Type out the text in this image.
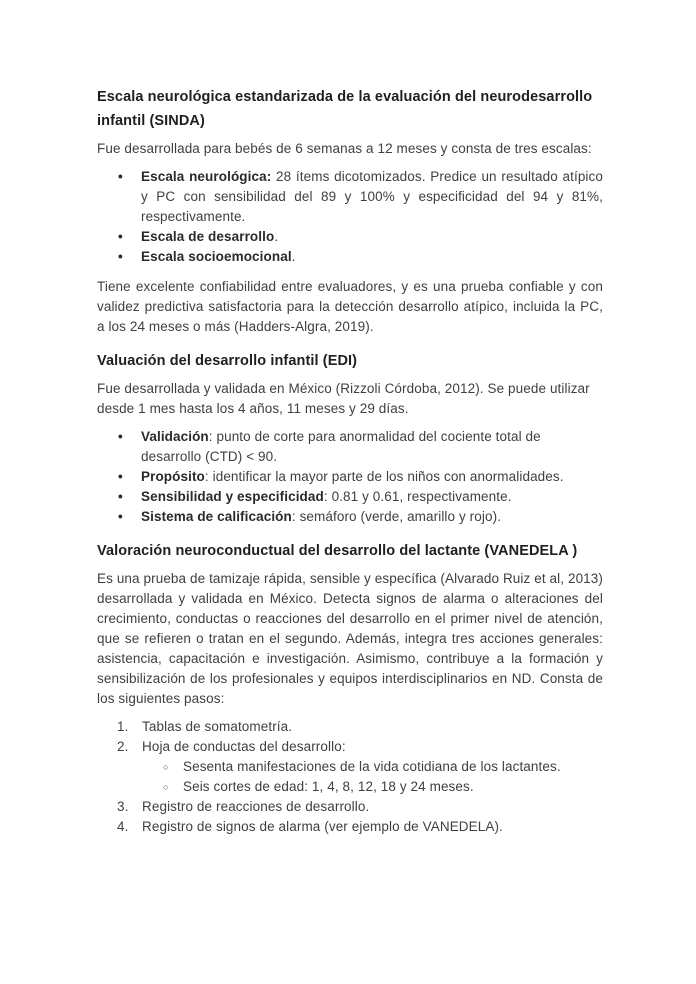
Escala neurológica estandarizada de la evaluación del neurodesarrollo infantil (SINDA)
Fue desarrollada para bebés de 6 semanas a 12 meses y consta de tres escalas:
•	Escala neurológica: 28 ítems dicotomizados. Predice un resultado atípico y PC con sensibilidad del 89 y 100% y especificidad del 94 y 81%, respectivamente.
•	Escala de desarrollo.
•	Escala socioemocional.
Tiene excelente confiabilidad entre evaluadores, y es una prueba confiable y con validez predictiva satisfactoria para la detección desarrollo atípico, incluida la PC, a los 24 meses o más (Hadders-Algra, 2019).
Valuación del desarrollo infantil (EDI)
Fue desarrollada y validada en México (Rizzoli Córdoba, 2012). Se puede utilizar desde 1 mes hasta los 4 años, 11 meses y 29 días.
•	Validación: punto de corte para anormalidad del cociente total de desarrollo (CTD) < 90.
•	Propósito: identificar la mayor parte de los niños con anormalidades.
•	Sensibilidad y especificidad: 0.81 y 0.61, respectivamente.
•	Sistema de calificación: semáforo (verde, amarillo y rojo).
Valoración neuroconductual del desarrollo del lactante (VANEDELA )
Es una prueba de tamizaje rápida, sensible y específica (Alvarado Ruiz et al, 2013) desarrollada y validada en México. Detecta signos de alarma o alteraciones del crecimiento, conductas o reacciones del desarrollo en el primer nivel de atención, que se refieren o tratan en el segundo. Además, integra tres acciones generales: asistencia, capacitación e investigación. Asimismo, contribuye a la formación y sensibilización de los profesionales y equipos interdisciplinarios en ND. Consta de los siguientes pasos:
1.	Tablas de somatometría.
2.	Hoja de conductas del desarrollo:
○	Sesenta manifestaciones de la vida cotidiana de los lactantes.
○	Seis cortes de edad: 1, 4, 8, 12, 18 y 24 meses.
3.	Registro de reacciones de desarrollo.
4.	Registro de signos de alarma (ver ejemplo de VANEDELA).
